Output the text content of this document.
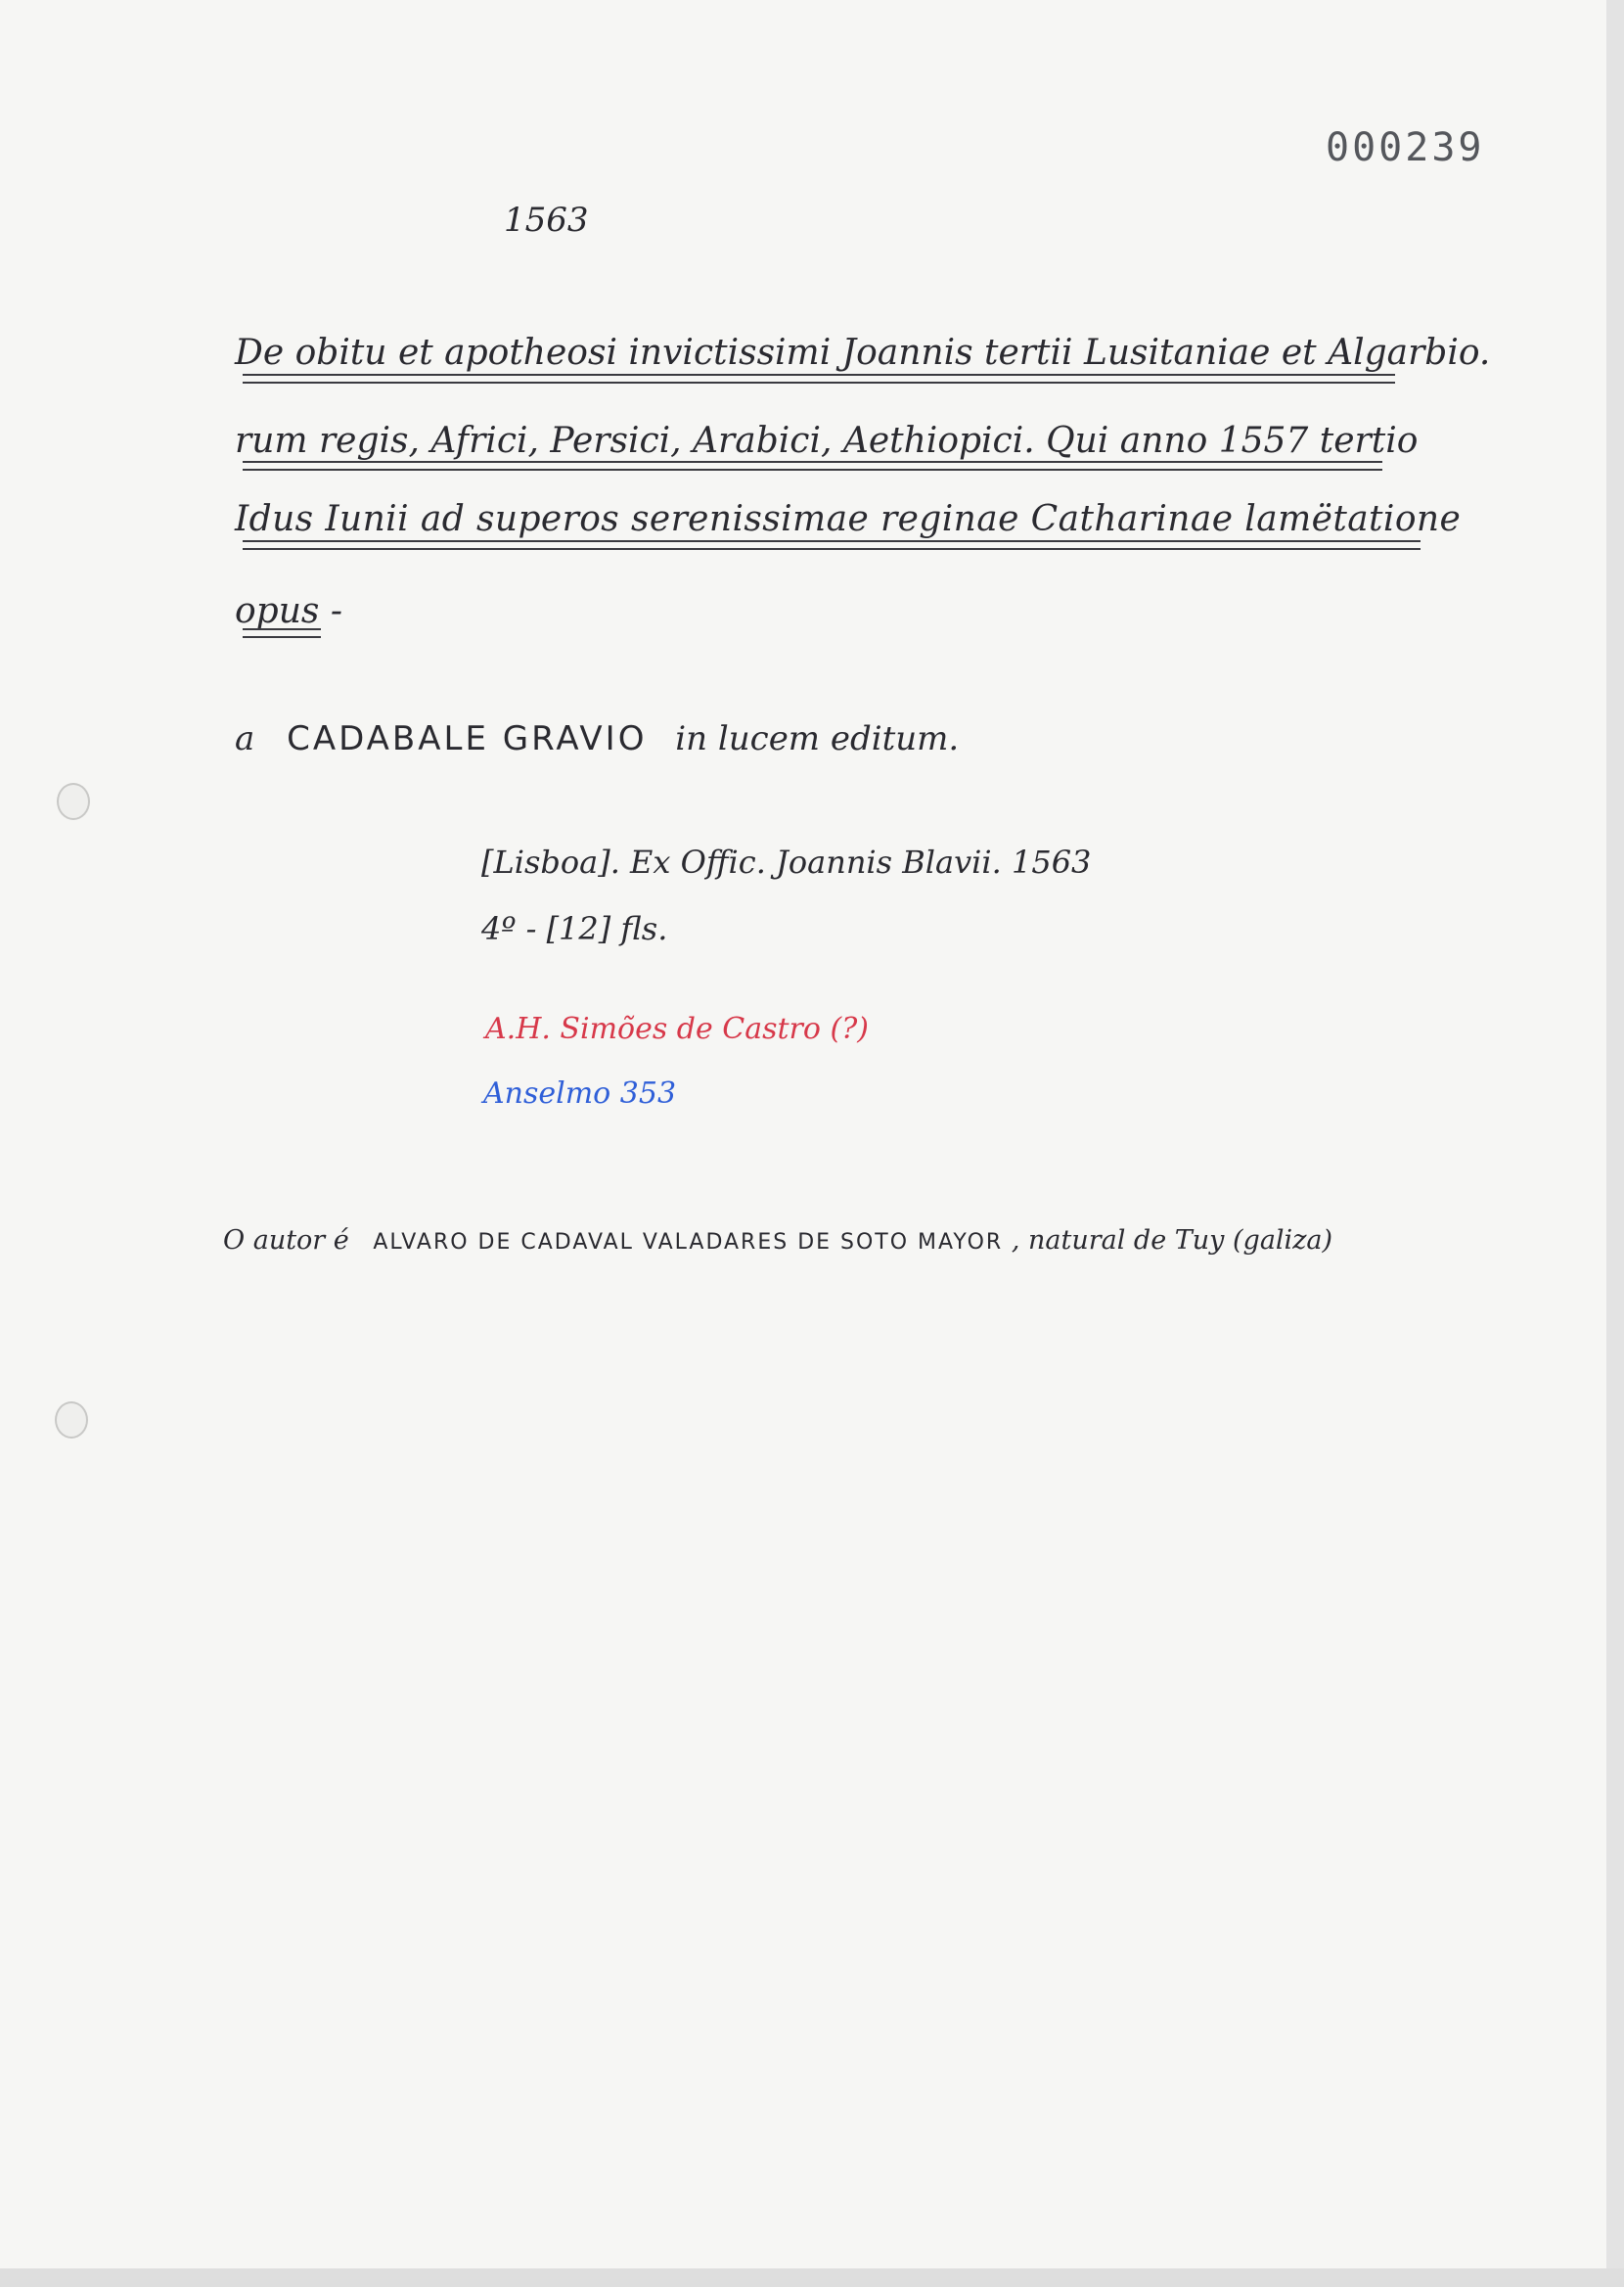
000239
1563
De obitu et apotheosi invictissimi Joannis tertii Lusitaniae et Algarbio.
rum regis, Africi, Persici, Arabici, Aethiopici. Qui anno 1557 tertio
Idus Iunii ad superos serenissimae reginae Catharinae lamëtatione
opus -
a CADABALE GRAVIO in lucem editum.
[Lisboa]. Ex Offic. Joannis Blavii. 1563
4º - [12] fls.
A.H. Simões de Castro (?)
Anselmo 353
O autor é ALVARO DE CADAVAL VALADARES DE SOTO MAYOR , natural de Tuy (galiza)
